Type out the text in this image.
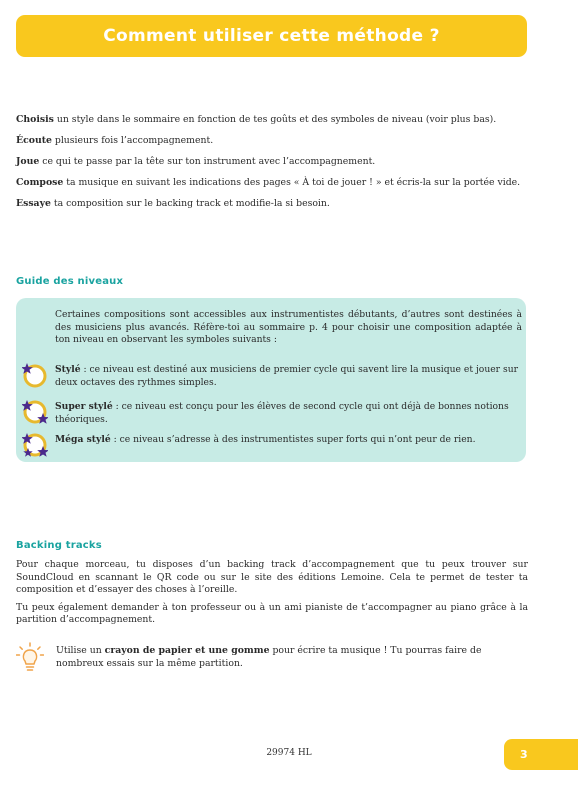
Comment utiliser cette méthode ?

Choisis un style dans le sommaire en fonction de tes goûts et des symboles de niveau (voir plus bas).

Écoute plusieurs fois l’accompagnement.

Joue ce qui te passe par la tête sur ton instrument avec l’accompagnement.

Compose ta musique en suivant les indications des pages « À toi de jouer ! » et écris-la sur la portée vide.

Essaye ta composition sur le backing track et modifie-la si besoin.

Guide des niveaux
Certaines compositions sont accessibles aux instrumentistes débutants, d’autres sont destinées à des musiciens plus avancés. Réfère-toi au sommaire p. 4 pour choisir une composition adaptée à ton niveau en observant les symboles suivants :
Stylé : ce niveau est destiné aux musiciens de premier cycle qui savent lire la musique et jouer sur deux octaves des rythmes simples.
Super stylé : ce niveau est conçu pour les élèves de second cycle qui ont déjà de bonnes notions théoriques.
Méga stylé : ce niveau s’adresse à des instrumentistes super forts qui n’ont peur de rien.
Backing tracks

Pour chaque morceau, tu disposes d’un backing track d’accompagnement que tu peux trouver sur SoundCloud en scannant le QR code ou sur le site des éditions Lemoine. Cela te permet de tester ta composition et d’essayer des choses à l’oreille.

Tu peux également demander à ton professeur ou à un ami pianiste de t’accompagner au piano grâce à la partition d’accompagnement.

Utilise un crayon de papier et une gomme pour écrire ta musique ! Tu pourras faire de nombreux essais sur la même partition.
29974 HL	3
